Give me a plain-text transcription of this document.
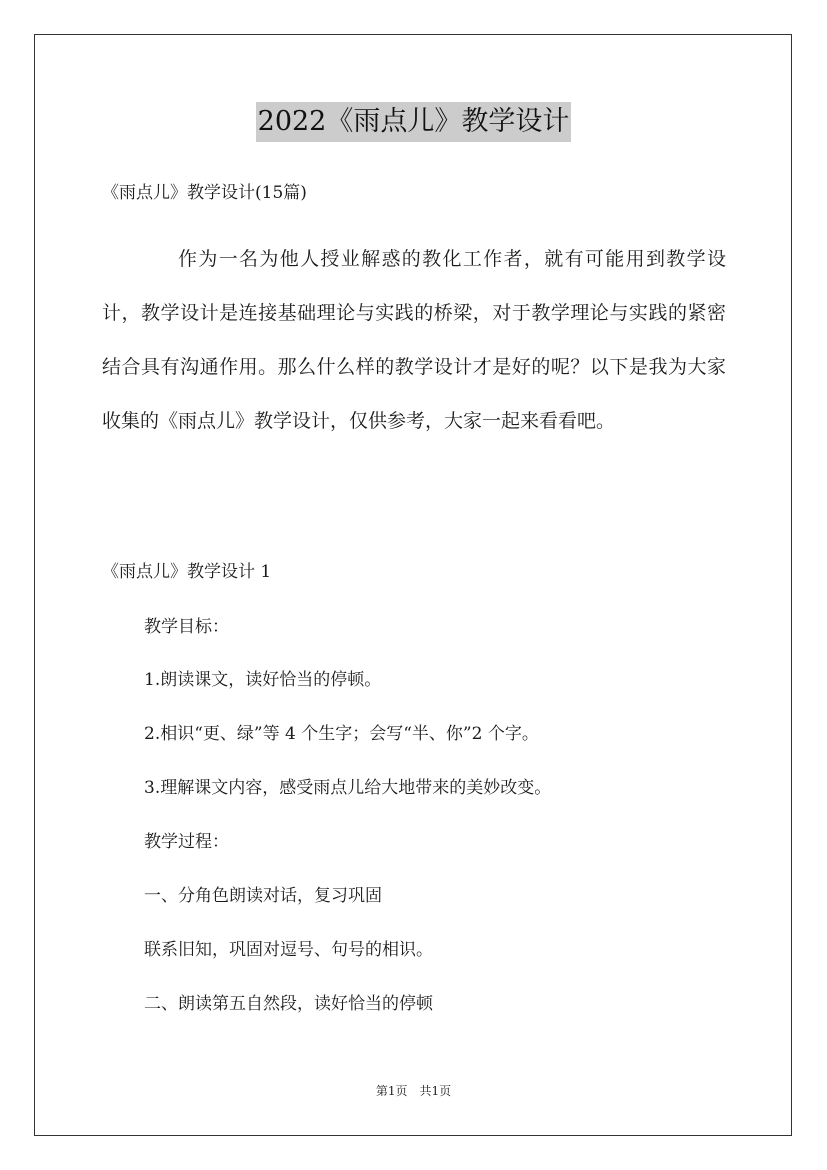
2022《雨点儿》教学设计
《雨点儿》教学设计(15篇)
作为一名为他人授业解惑的教化工作者，就有可能用到教学设计，教学设计是连接基础理论与实践的桥梁，对于教学理论与实践的紧密结合具有沟通作用。那么什么样的教学设计才是好的呢？以下是我为大家收集的《雨点儿》教学设计，仅供参考，大家一起来看看吧。
《雨点儿》教学设计 1
教学目标：
1.朗读课文，读好恰当的停顿。
2.相识“更、绿”等 4 个生字；会写“半、你”2 个字。
3.理解课文内容，感受雨点儿给大地带来的美妙改变。
教学过程：
一、分角色朗读对话，复习巩固
联系旧知，巩固对逗号、句号的相识。
二、朗读第五自然段，读好恰当的停顿
第1页　共1页
